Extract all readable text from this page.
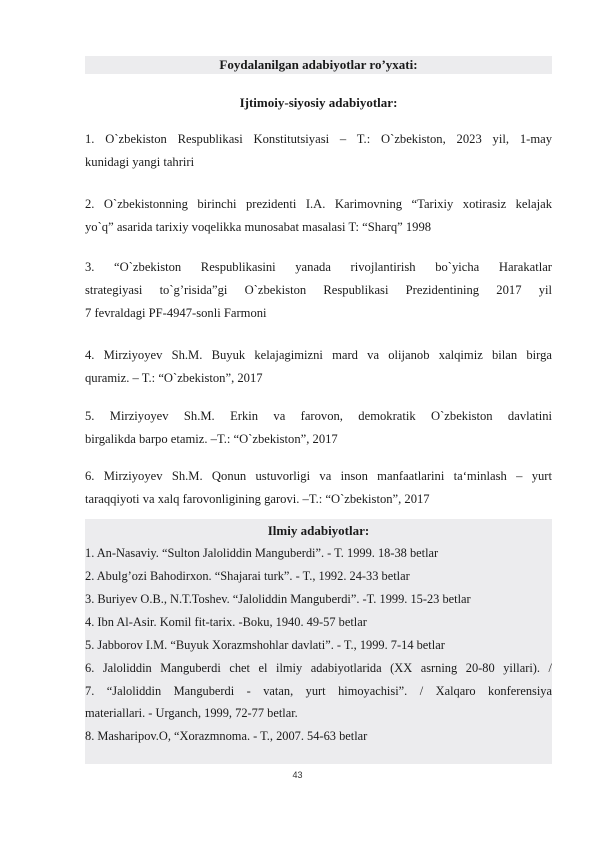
Foydalanilgan adabiyotlar ro’yxati:
Ijtimoiy-siyosiy adabiyotlar:
1. O`zbekiston Respublikasi Konstitutsiyasi – T.: O`zbekiston, 2023 yil, 1-may
kunidagi yangi tahriri
2. O`zbekistonning birinchi prezidenti I.A. Karimovning “Tarixiy xotirasiz kelajak
yo`q” asarida tarixiy voqelikka munosabat masalasi T: “Sharq” 1998
3. “O`zbekiston Respublikasini yanada rivojlantirish bo`yicha Harakatlar
strategiyasi to`g’risida”gi O`zbekiston Respublikasi Prezidentining 2017 yil
7 fevraldagi PF-4947-sonli Farmoni
4. Mirziyoyev Sh.M. Buyuk kelajagimizni mard va olijanob xalqimiz bilan birga
quramiz. – T.: “O`zbekiston”, 2017
5. Mirziyoyev Sh.M. Erkin va farovon, demokratik O`zbekiston davlatini
birgalikda barpo etamiz. –T.: “O`zbekiston”, 2017
6. Mirziyoyev Sh.M. Qonun ustuvorligi va inson manfaatlarini ta‘minlash – yurt
taraqqiyoti va xalq farovonligining garovi. –T.: “O`zbekiston”, 2017
Ilmiy adabiyotlar:
1. An-Nasaviy. “Sulton Jaloliddin Manguberdi”. - T. 1999. 18-38 betlar
2. Abulg’ozi Bahodirxon. “Shajarai turk”. - T., 1992. 24-33 betlar
3. Buriyev O.B., N.T.Toshev. “Jaloliddin Manguberdi”. -T. 1999. 15-23 betlar
4. Ibn Al-Asir. Komil fit-tarix. -Boku, 1940. 49-57 betlar
5. Jabborov I.M. “Buyuk Xorazmshohlar davlati”. - T., 1999. 7-14 betlar
6. Jaloliddin Manguberdi chet el ilmiy adabiyotlarida (XX asrning 20-80 yillari). /
7. “Jaloliddin Manguberdi - vatan, yurt himoyachisi”. / Xalqaro konferensiya
materiallari. - Urganch, 1999, 72-77 betlar.
8. Masharipov.O, “Xorazmnoma. - T., 2007. 54-63 betlar
43
